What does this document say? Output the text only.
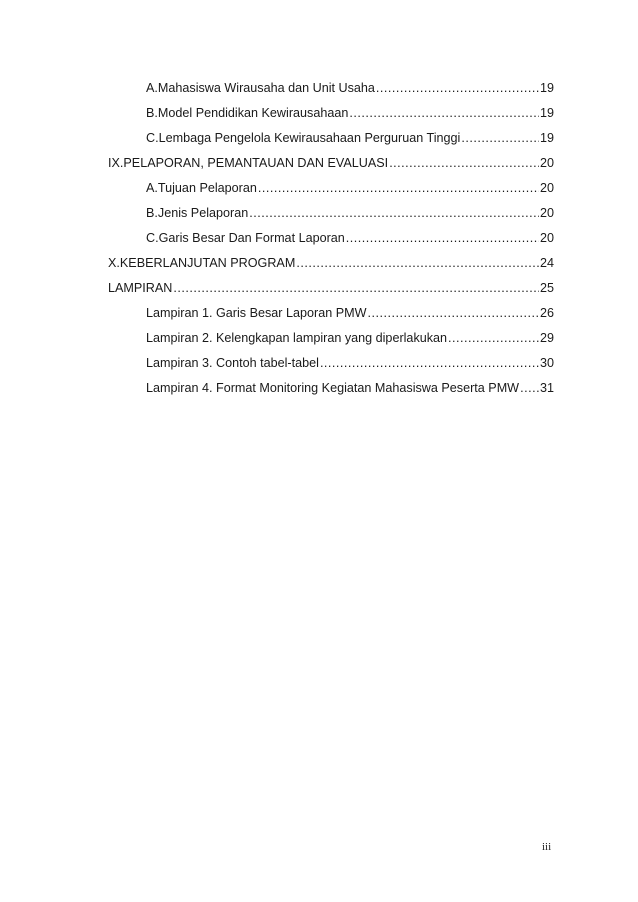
A. Mahasiswa Wirausaha dan Unit Usaha .....	19
B. Model Pendidikan Kewirausahaan .....	19
C. Lembaga Pengelola Kewirausahaan Perguruan Tinggi .....	19
IX. PELAPORAN, PEMANTAUAN DAN EVALUASI .....	20
A. Tujuan Pelaporan .....	20
B. Jenis Pelaporan .....	20
C. Garis Besar Dan Format Laporan .....	20
X. KEBERLANJUTAN PROGRAM .....	24
LAMPIRAN .....	25
Lampiran 1. Garis Besar Laporan PMW .....	26
Lampiran 2. Kelengkapan lampiran yang diperlakukan .....	29
Lampiran 3. Contoh tabel-tabel .....	30
Lampiran 4. Format Monitoring Kegiatan Mahasiswa Peserta PMW ..... 31
iii
